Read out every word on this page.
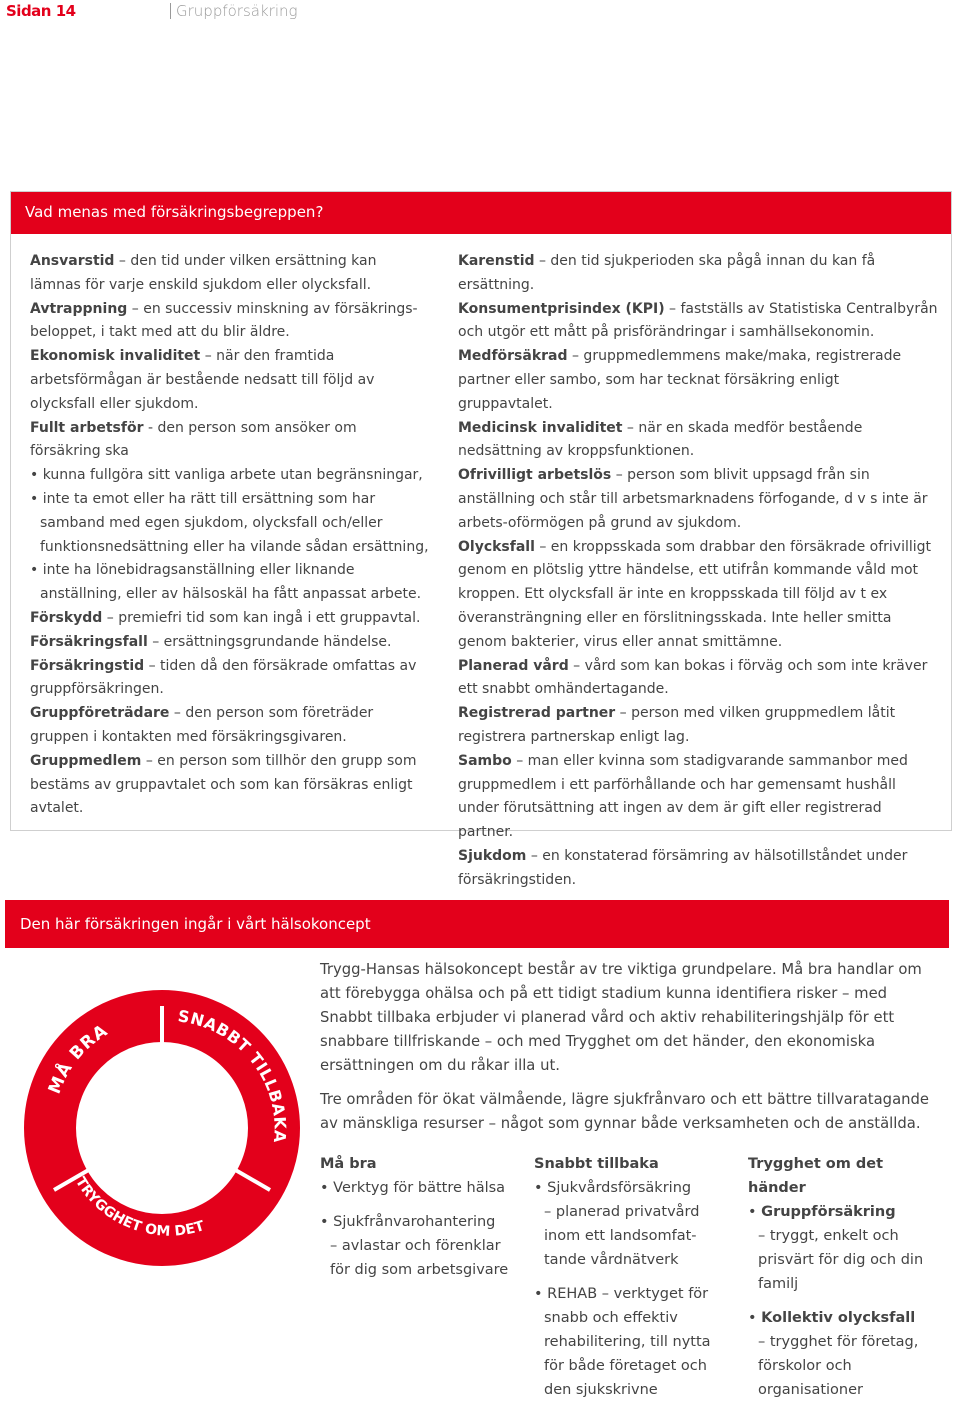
Sidan 14	Gruppförsäkring
Vad menas med försäkringsbegreppen?
Ansvarstid – den tid under vilken ersättning kan lämnas för varje enskild sjukdom eller olycksfall.
Avtrappning – en successiv minskning av försäkrings-beloppet, i takt med att du blir äldre.
Ekonomisk invaliditet – när den framtida arbetsförmågan är bestående nedsatt till följd av olycksfall eller sjukdom.
Fullt arbetsför - den person som ansöker om försäkring ska
• kunna fullgöra sitt vanliga arbete utan begränsningar,
• inte ta emot eller ha rätt till ersättning som har samband med egen sjukdom, olycksfall och/eller funktionsnedsättning eller ha vilande sådan ersättning,
• inte ha lönebidragsanställning eller liknande anställning, eller av hälsoskäl ha fått anpassat arbete.
Förskydd – premiefri tid som kan ingå i ett gruppavtal.
Försäkringsfall – ersättningsgrundande händelse.
Försäkringstid – tiden då den försäkrade omfattas av gruppförsäkringen.
Gruppföreträdare – den person som företräder gruppen i kontakten med försäkringsgivaren.
Gruppmedlem – en person som tillhör den grupp som bestäms av gruppavtalet och som kan försäkras enligt avtalet.
Karenstid – den tid sjukperioden ska pågå innan du kan få ersättning.
Konsumentprisindex (KPI) – fastställs av Statistiska Centralbyrån och utgör ett mått på prisförändringar i samhällsekonomin.
Medförsäkrad – gruppmedlemmens make/maka, registrerade partner eller sambo, som har tecknat försäkring enligt gruppavtalet.
Medicinsk invaliditet – när en skada medför bestående nedsättning av kroppsfunktionen.
Ofrivilligt arbetslös – person som blivit uppsagd från sin anställning och står till arbetsmarknadens förfogande, d v s inte är arbets-oförmögen på grund av sjukdom.
Olycksfall – en kroppsskada som drabbar den försäkrade ofrivilligt genom en plötslig yttre händelse, ett utifrån kommande våld mot kroppen. Ett olycksfall är inte en kroppsskada till följd av t ex överansträngning eller en förslitningsskada. Inte heller smitta genom bakterier, virus eller annat smittämne.
Planerad vård – vård som kan bokas i förväg och som inte kräver ett snabbt omhändertagande.
Registrerad partner – person med vilken gruppmedlem låtit registrera partnerskap enligt lag.
Sambo – man eller kvinna som stadigvarande sammanbor med gruppmedlem i ett parförhållande och har gemensamt hushåll under förutsättning att ingen av dem är gift eller registrerad partner.
Sjukdom – en konstaterad försämring av hälsotillståndet under försäkringstiden.
Den här försäkringen ingår i vårt hälsokoncept
MÅ BRA
SNABBT TILLBAKA
TRYGGHET OM DET HÄNDER

Trygg-Hansas hälsokoncept består av tre viktiga grundpelare. Må bra handlar om att förebygga ohälsa och på ett tidigt stadium kunna identifiera risker – med Snabbt tillbaka erbjuder vi planerad vård och aktiv rehabiliteringshjälp för ett snabbare tillfriskande – och med Trygghet om det händer, den ekonomiska ersättningen om du råkar illa ut.

Tre områden för ökat välmående, lägre sjukfrånvaro och ett bättre tillvaratagande av mänskliga resurser – något som gynnar både verksamheten och de anställda.

Må bra
• Verktyg för bättre hälsa
• Sjukfrånvarohantering
– avlastar och förenklar för dig som arbetsgivare
Snabbt tillbaka
• Sjukvårdsförsäkring
– planerad privatvård inom ett landsomfat-tande vårdnätverk
• REHAB – verktyget för snabb och effektiv rehabilitering, till nytta för både företaget och den sjukskrivne
Trygghet om det händer
• Gruppförsäkring
– tryggt, enkelt och prisvärt för dig och din familj
• Kollektiv olycksfall
– trygghet för företag, förskolor och organisationer
